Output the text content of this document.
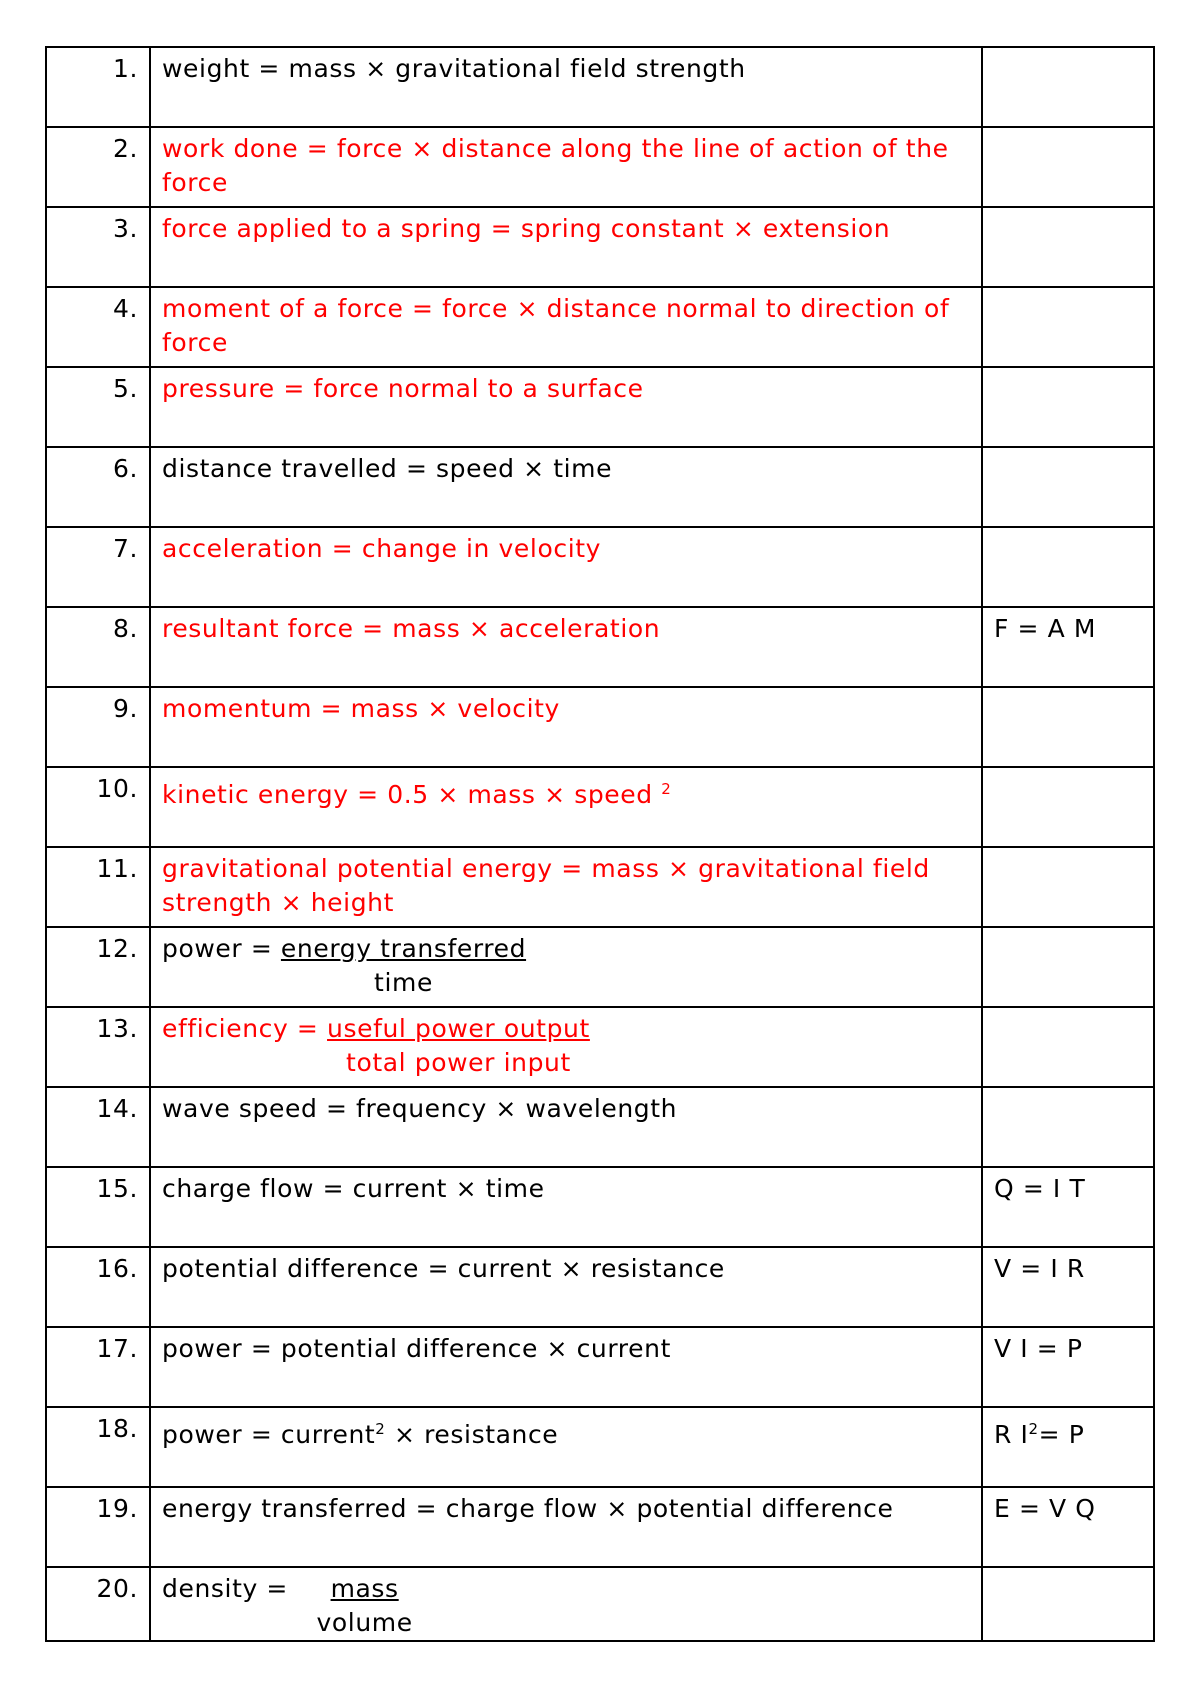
1.	weight = mass × gravitational field strength	
2.	work done = force × distance along the line of action of the force	
3.	force applied to a spring = spring constant × extension	
4.	moment of a force = force × distance normal to direction of force	
5.	pressure = force normal to a surface	
6.	distance travelled = speed × time	
7.	acceleration = change in velocity	
8.	resultant force = mass × acceleration	F = A M
9.	momentum = mass × velocity	
10.	kinetic energy = 0.5 × mass × speed $^2$	
11.	gravitational potential energy = mass × gravitational field strength × height	
12.	power = $\frac{\text{energy transferred}}{\text{time}}$

13.	efficiency = $\frac{\text{useful power output}}{\text{total power input}}$

14.	wave speed = frequency × wavelength	
15.	charge flow = current × time	Q = I T
16.	potential difference = current × resistance	V = I R
17.	power = potential difference × current	V I = P
18.	power = current$^2$ × resistance	R $I^2= P$
19.	energy transferred = charge flow × potential difference	E = V Q
20.	density = $\frac{\text{mass}}{\text{volume}}$
